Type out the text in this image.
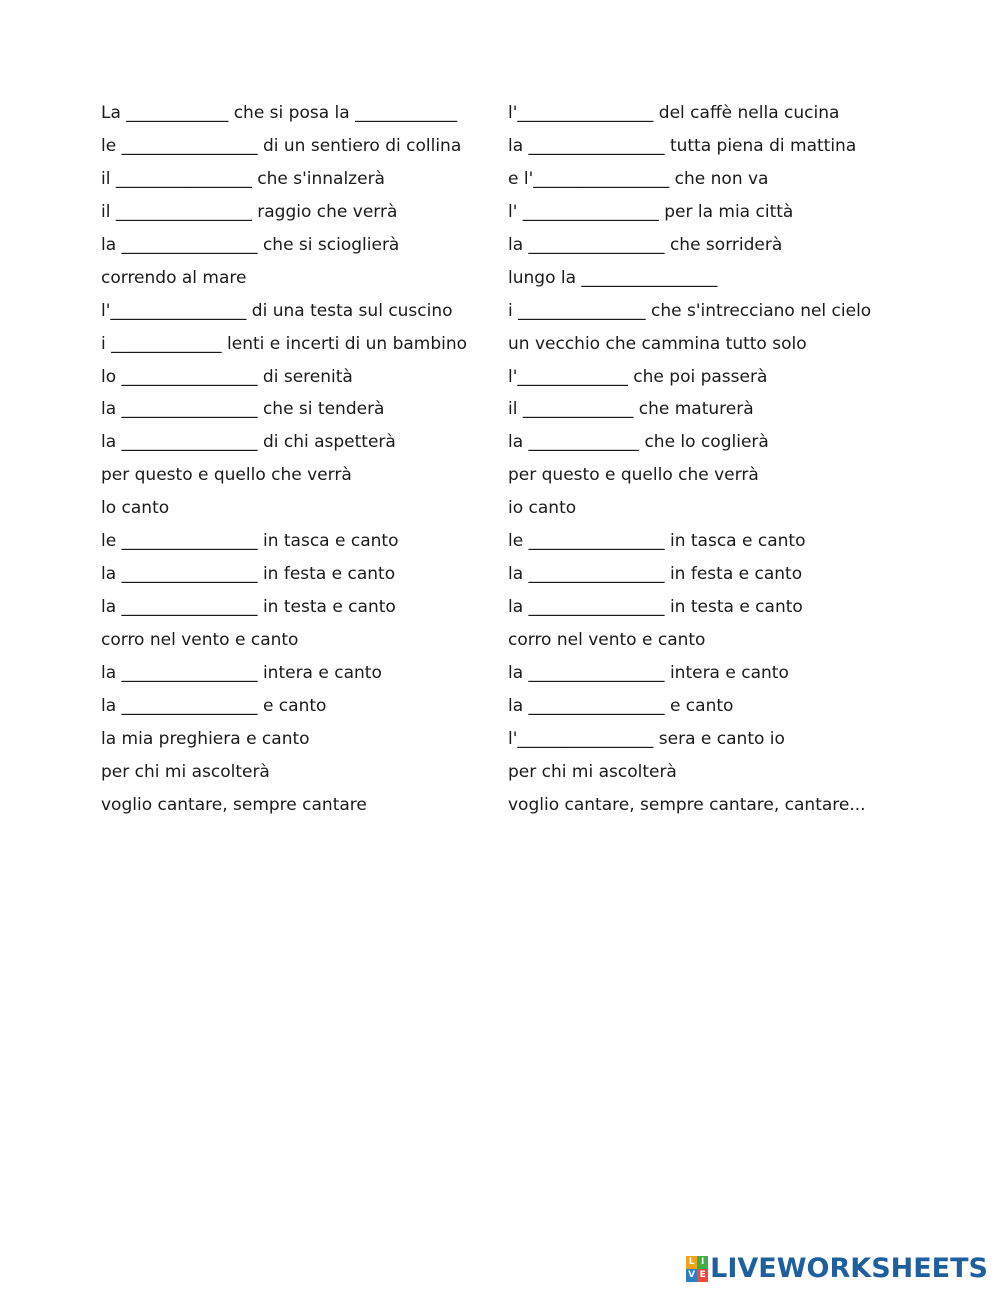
La ____________ che si posa la ____________
le ________________ di un sentiero di collina
il ________________ che s'innalzerà
il ________________ raggio che verrà
la ________________ che si scioglierà
correndo al mare
l'________________ di una testa sul cuscino
i _____________ lenti e incerti di un bambino
lo ________________ di serenità
la ________________ che si tenderà
la ________________ di chi aspetterà
per questo e quello che verrà
lo canto
le ________________ in tasca e canto
la ________________ in festa e canto
la ________________ in testa e canto
corro nel vento e canto
la ________________ intera e canto
la ________________ e canto
la mia preghiera e canto
per chi mi ascolterà
voglio cantare, sempre cantare
l'________________ del caffè nella cucina
la ________________ tutta piena di mattina
e l'________________ che non va
l' ________________ per la mia città
la ________________ che sorriderà
lungo la ________________
i _______________ che s'intrecciano nel cielo
un vecchio che cammina tutto solo
l'_____________ che poi passerà
il _____________ che maturerà
la _____________ che lo coglierà
per questo e quello che verrà
io canto
le ________________ in tasca e canto
la ________________ in festa e canto
la ________________ in testa e canto
corro nel vento e canto
la ________________ intera e canto
la ________________ e canto
l'________________ sera e canto io
per chi mi ascolterà
voglio cantare, sempre cantare, cantare...
L I
V E LIVEWORKSHEETS
